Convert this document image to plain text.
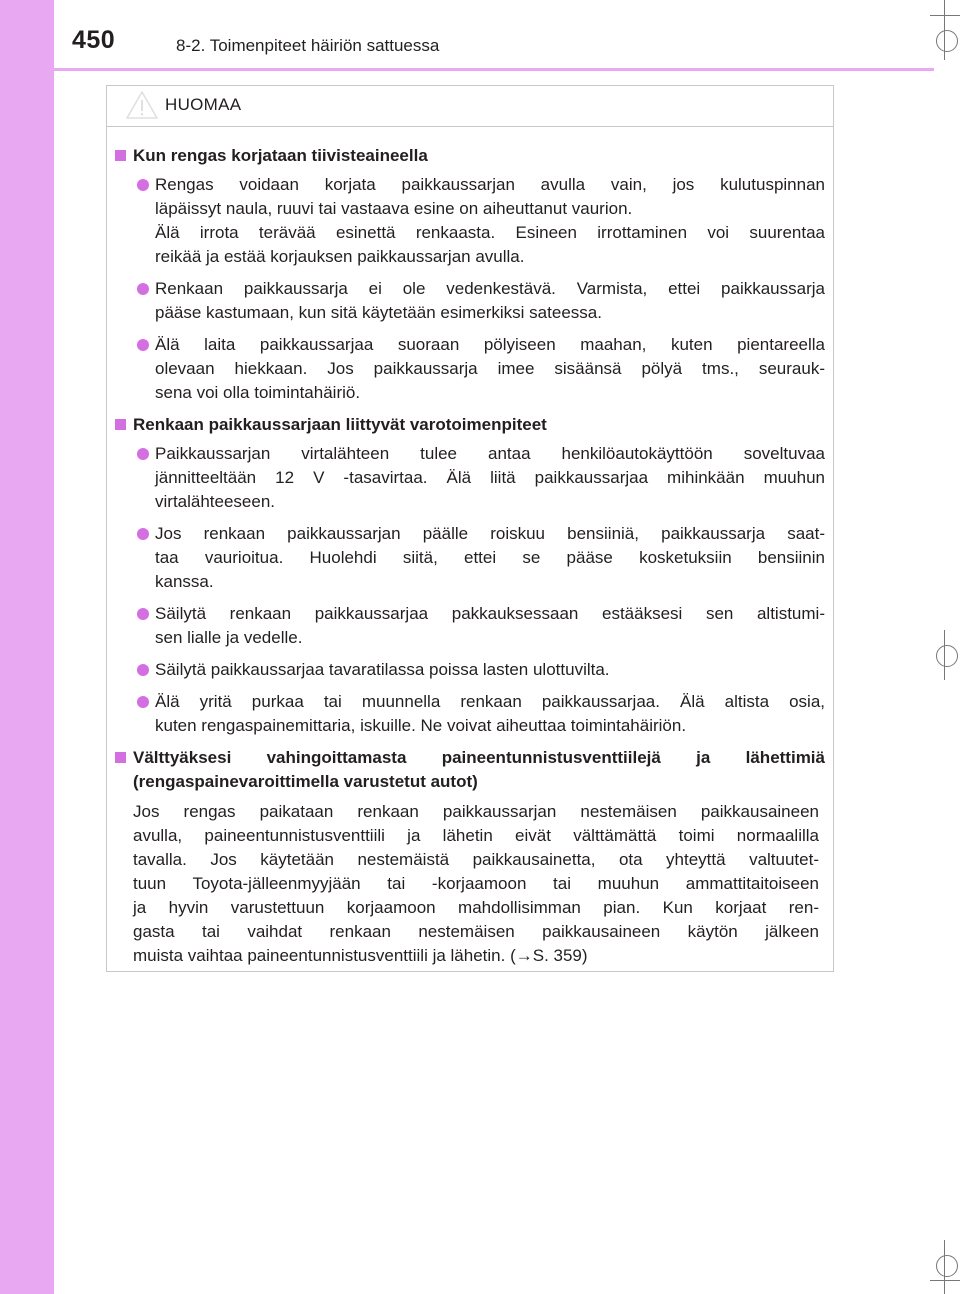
450	8-2. Toimenpiteet häiriön sattuessa
HUOMAA
Kun rengas korjataan tiivisteaineella
Rengas voidaan korjata paikkaussarjan avulla vain, jos kulutuspinnan
läpäissyt naula, ruuvi tai vastaava esine on aiheuttanut vaurion.
Älä irrota terävää esinettä renkaasta. Esineen irrottaminen voi suurentaa
reikää ja estää korjauksen paikkaussarjan avulla.
Renkaan paikkaussarja ei ole vedenkestävä. Varmista, ettei paikkaussarja
pääse kastumaan, kun sitä käytetään esimerkiksi sateessa.
Älä laita paikkaussarjaa suoraan pölyiseen maahan, kuten pientareella
olevaan hiekkaan. Jos paikkaussarja imee sisäänsä pölyä tms., seurauk-
sena voi olla toimintahäiriö.
Renkaan paikkaussarjaan liittyvät varotoimenpiteet
Paikkaussarjan virtalähteen tulee antaa henkilöautokäyttöön soveltuvaa
jännitteeltään 12 V -tasavirtaa. Älä liitä paikkaussarjaa mihinkään muuhun
virtalähteeseen.
Jos renkaan paikkaussarjan päälle roiskuu bensiiniä, paikkaussarja saat-
taa vaurioitua. Huolehdi siitä, ettei se pääse kosketuksiin bensiinin
kanssa.
Säilytä renkaan paikkaussarjaa pakkauksessaan estääksesi sen altistumi-
sen lialle ja vedelle.
Säilytä paikkaussarjaa tavaratilassa poissa lasten ulottuvilta.
Älä yritä purkaa tai muunnella renkaan paikkaussarjaa. Älä altista osia,
kuten rengaspainemittaria, iskuille. Ne voivat aiheuttaa toimintahäiriön.
Välttyäksesi vahingoittamasta paineentunnistusventtiilejä ja lähettimiä
(rengaspainevaroittimella varustetut autot)
Jos rengas paikataan renkaan paikkaussarjan nestemäisen paikkausaineen
avulla, paineentunnistusventtiili ja lähetin eivät välttämättä toimi normaalilla
tavalla. Jos käytetään nestemäistä paikkausainetta, ota yhteyttä valtuutet-
tuun Toyota-jälleenmyyjään tai -korjaamoon tai muuhun ammattitaitoiseen
ja hyvin varustettuun korjaamoon mahdollisimman pian. Kun korjaat ren-
gasta tai vaihdat renkaan nestemäisen paikkausaineen käytön jälkeen
muista vaihtaa paineentunnistusventtiili ja lähetin. (→S. 359)
